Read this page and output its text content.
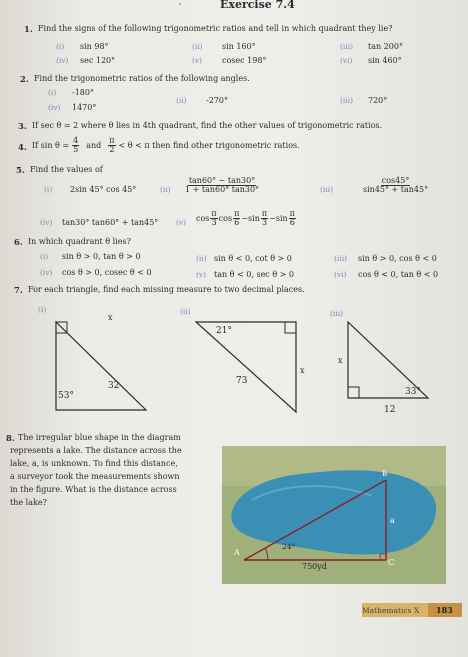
'	Exercise 7.4
1. Find the signs of the following trigonometric ratios and tell in which quadrant they lie?
(i) sin 98°	(ii) sin 160°	(iii) tan 200°
(iv) sec 120°	(v) cosec 198°	(vi) sin 460°
2. Find the trigonometric ratios of the following angles.
(i) -180°
(ii) -270°	(iii) 720°
(iv) 1470°
3. If sec θ = 2 where θ lies in 4th quadrant, find the other values of trigonometric ratios.
4. If $\sin \theta = \frac{4}{5}$ and $\frac{\pi}{2} < \theta < \pi$ then find other trigonometric ratios.
5. Find the values of
(i) 2sin 45° cos 45°	$(ii) \frac{\tan 60^\circ - \tan 30^\circ}{1 + \tan 60^\circ \tan 30^\circ}$	(iii)	$\frac{\cos 45^\circ}{\sin 45^\circ + \tan 45^\circ}$
(iv) tan30° tan60° + tan45° (v) $\cos \frac{\pi}{3}$ $\cos \frac{\pi}{6} -\sin \frac{\pi}{3} -\sin \frac{\pi}{6}$
6. In which quadrant θ lies?
(i) sin θ > 0, tan θ > 0	(ii) sin θ < 0, cot θ > 0	(iii) sin θ > 0, cos θ < 0
(iv) cos θ > 0, cosec θ < 0	(v) tan θ < 0, sec θ > 0	(vi) cos θ < 0, tan θ < 0
7. For each triangle, find each missing measure to two decimal places.
(i)	(ii)	(iii)
x
32
53°
21°
73
x
x
33°
12
8. The irregular blue shape in the diagram
represents a lake. The distance across the
lake, a, is unknown. To find this distance,
a surveyor took the measurements shown
in the figure. What is the distance across
the lake?
B
A
C
a
24°
750yd
Mathematics X 183
